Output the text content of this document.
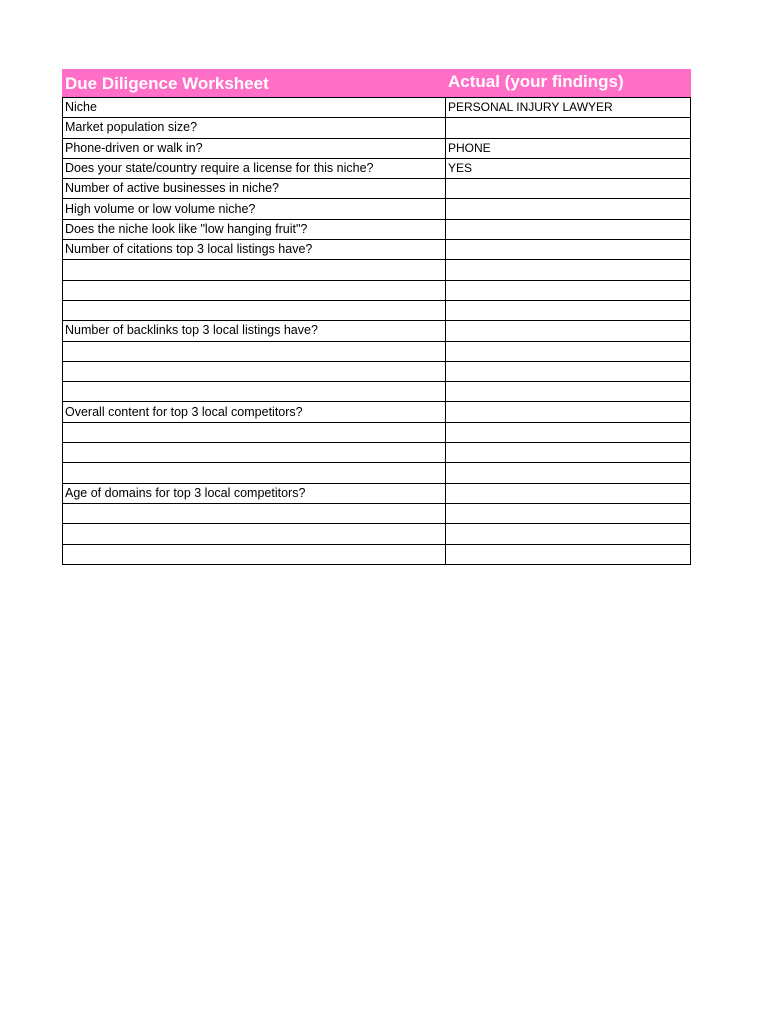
Due Diligence Worksheet	Actual (your findings)
Niche	PERSONAL INJURY LAWYER
Market population size?	
Phone-driven or walk in?	PHONE
Does your state/country require a license for this niche?	YES
Number of active businesses in niche?	
High volume or low volume niche?	
Does the niche look like "low hanging fruit"?	
Number of citations top 3 local listings have?	

Number of backlinks top 3 local listings have?	

Overall content for top 3 local competitors?	

Age of domains for top 3 local competitors?	
